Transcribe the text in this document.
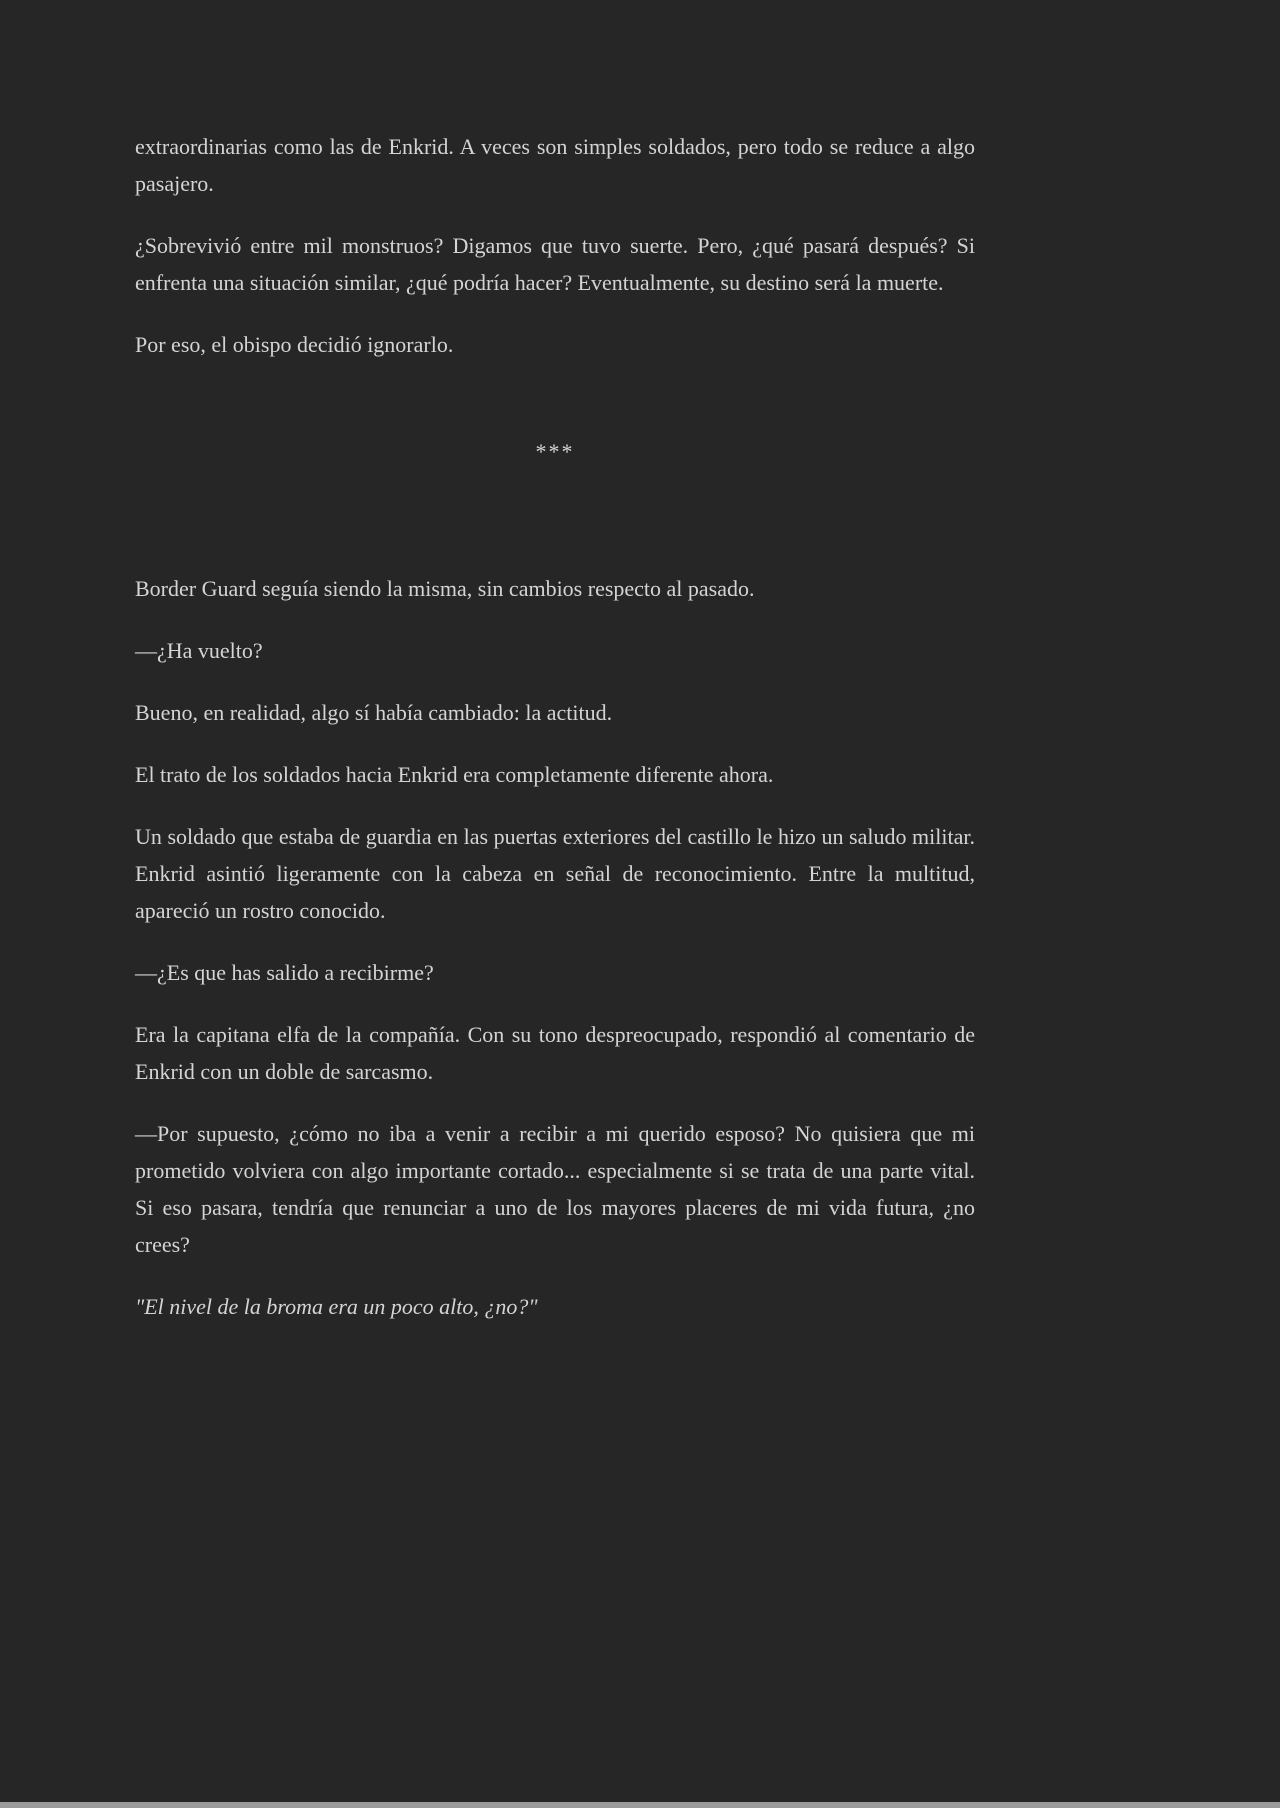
extraordinarias como las de Enkrid. A veces son simples soldados, pero todo se reduce a algo pasajero.

¿Sobrevivió entre mil monstruos? Digamos que tuvo suerte. Pero, ¿qué pasará después? Si enfrenta una situación similar, ¿qué podría hacer? Eventualmente, su destino será la muerte.

Por eso, el obispo decidió ignorarlo.

***

Border Guard seguía siendo la misma, sin cambios respecto al pasado.

—¿Ha vuelto?

Bueno, en realidad, algo sí había cambiado: la actitud.

El trato de los soldados hacia Enkrid era completamente diferente ahora.

Un soldado que estaba de guardia en las puertas exteriores del castillo le hizo un saludo militar. Enkrid asintió ligeramente con la cabeza en señal de reconocimiento. Entre la multitud, apareció un rostro conocido.

—¿Es que has salido a recibirme?

Era la capitana elfa de la compañía. Con su tono despreocupado, respondió al comentario de Enkrid con un doble de sarcasmo.

—Por supuesto, ¿cómo no iba a venir a recibir a mi querido esposo? No quisiera que mi prometido volviera con algo importante cortado... especialmente si se trata de una parte vital. Si eso pasara, tendría que renunciar a uno de los mayores placeres de mi vida futura, ¿no crees?

"El nivel de la broma era un poco alto, ¿no?"
